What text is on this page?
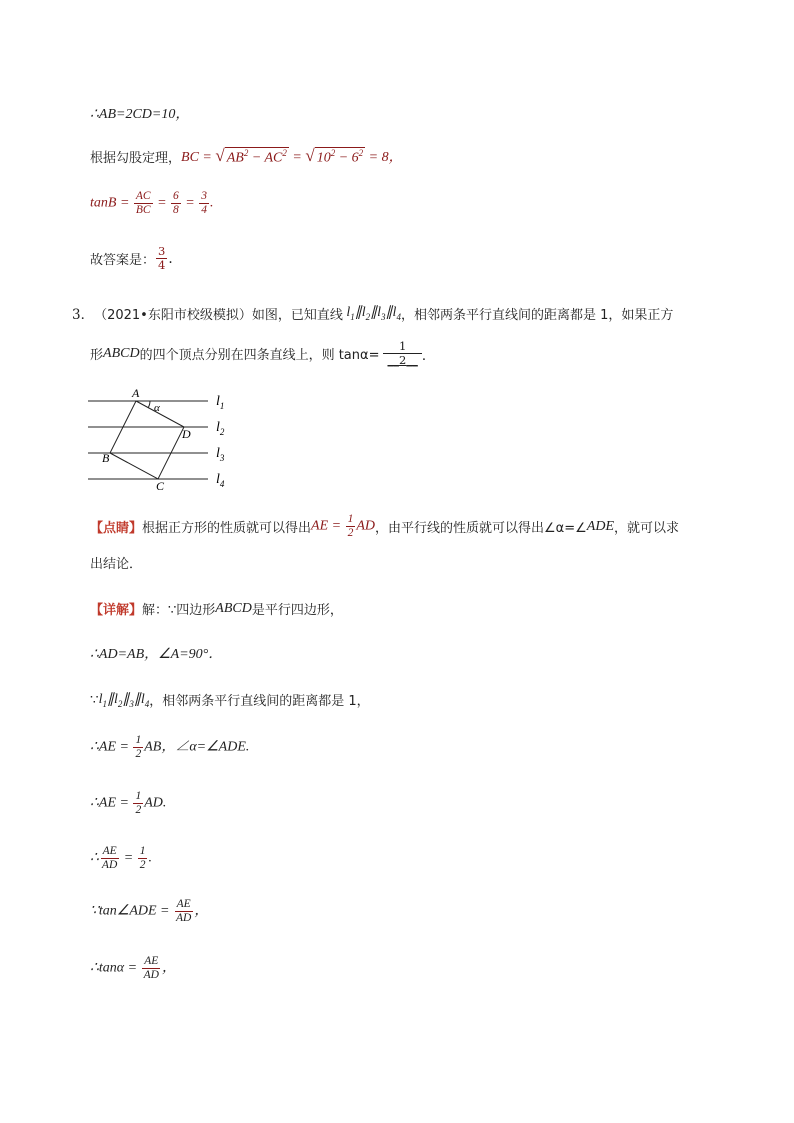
∴AB=2CD=10，
根据勾股定理， BC = √ $AB^2 - AC^2$ = √ $10^2 - 6^2 = 8$，
$\tan B = \frac{AC}{BC} = \frac{6}{8} = \frac{3}{4}$ .
故答案是： $\frac{3}{4}$ .
3． （2021•东阳市校级模拟） 如图，已知直线 $l_1\parallel l_2\parallel l_3\parallel l_4$ ，相邻两条平行直线间的距离都是 1，如果正方
形 ABCD 的四个顶点分别在四条直线上，则 $\tan\alpha= \frac{1}{\_\_2\_\_}$ ．
A
α
D
B
C
$l_1$
$l_2$
$l_3$
$l_4$
【点睛】 根据正方形的性质就可以得出 AE = $\frac{1}{2}$ AD ，由平行线的性质就可以得出∠α=∠ ADE ，就可以求
出结论．
【详解】 解：∵四边形 ABCD 是平行四边形，
∴AD=AB，∠A=90°．
∵ $l_1\parallel l_2\parallel_3\parallel l_4$ ，相邻两条平行直线间的距离都是 1，
∴AE = $\frac{1}{2}$ AB，∠α=∠ADE.
∴AE = $\frac{1}{2}$ AD.
∴ $\frac{AE}{AD} = \frac{1}{2}$ .
∵tan∠ADE = $\frac{AE}{AD}$ ，
∴tanα = $\frac{AE}{AD}$ ，
